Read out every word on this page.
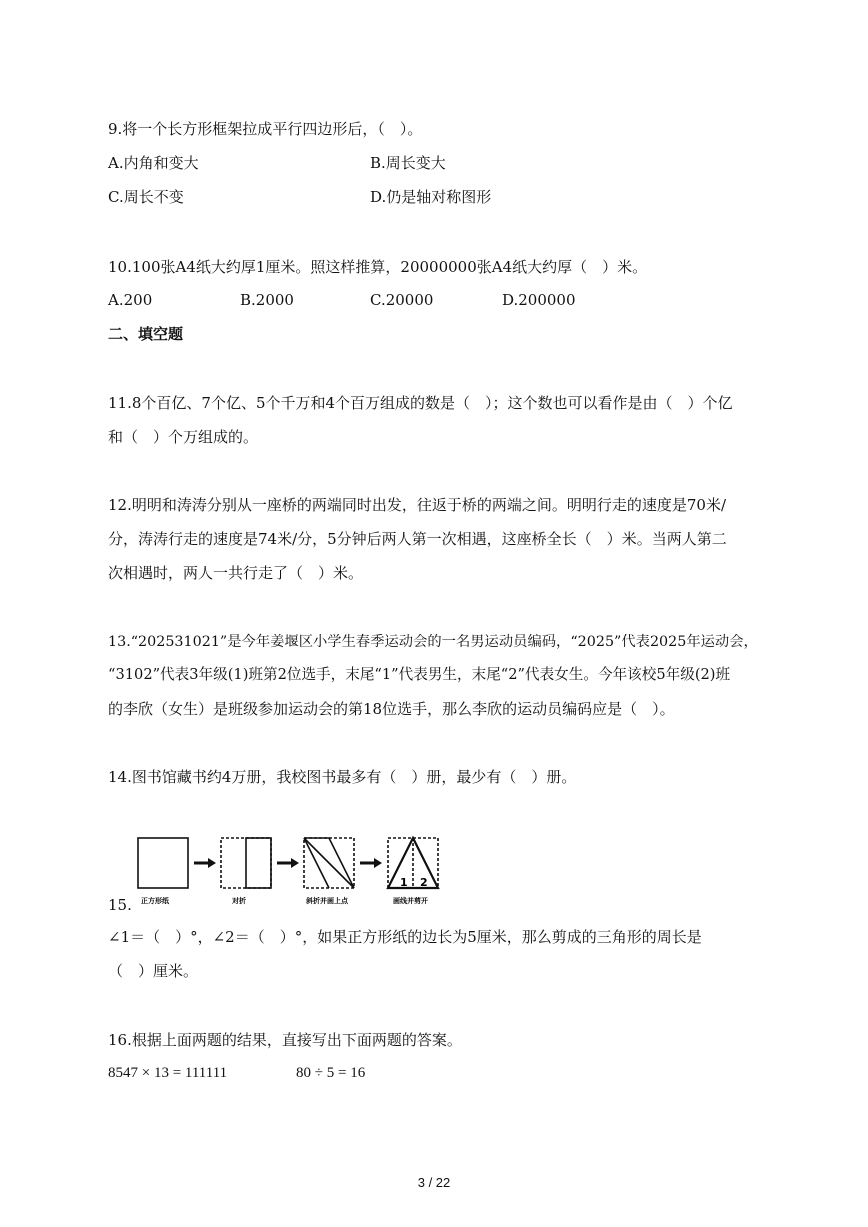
9.将一个长方形框架拉成平行四边形后，（　）。
A.内角和变大	B.周长变大
C.周长不变	D.仍是轴对称图形
10.100张A4纸大约厚1厘米。照这样推算，20000000张A4纸大约厚（　）米。
A.200	B.2000	C.20000	D.200000
二、填空题
11.8个百亿、7个亿、5个千万和4个百万组成的数是（　）；这个数也可以看作是由（　）个亿
和（　）个万组成的。
12.明明和涛涛分别从一座桥的两端同时出发，往返于桥的两端之间。明明行走的速度是70米/
分，涛涛行走的速度是74米/分，5分钟后两人第一次相遇，这座桥全长（　）米。当两人第二
次相遇时，两人一共行走了（　）米。
13.“202531021”是今年姜堰区小学生春季运动会的一名男运动员编码，“2025”代表2025年运动会，
“3102”代表3年级(1)班第2位选手，末尾“1”代表男生，末尾“2”代表女生。今年该校5年级(2)班
的李欣（女生）是班级参加运动会的第18位选手，那么李欣的运动员编码应是（　）。
14.图书馆藏书约4万册，我校图书最多有（　）册，最少有（　）册。
1 2
正方形纸	对折	斜折并画上点	画线并剪开
15.
∠1＝（　）°，∠2＝（　）°，如果正方形纸的边长为5厘米，那么剪成的三角形的周长是
（　）厘米。
16.根据上面两题的结果，直接写出下面两题的答案。
8547 × 13 = 111111	80 ÷ 5 = 16
3 / 22
